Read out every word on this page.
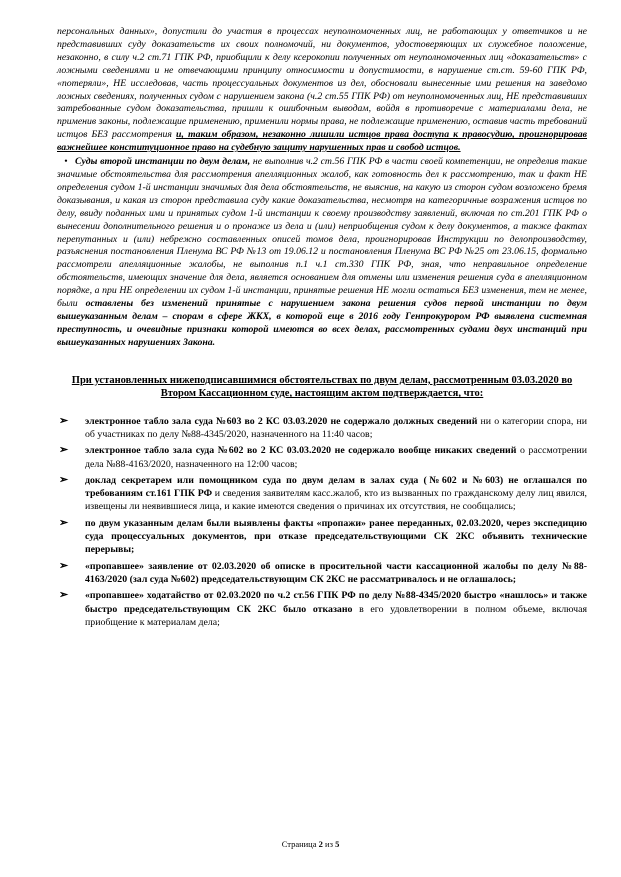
персональных данных», допустили до участия в процессах неуполномоченных лиц, не работающих у ответчиков и не представивших суду доказательств их своих полномочий, ни документов, удостоверяющих их служебное положение, незаконно, в силу ч.2 ст.71 ГПК РФ, приобщили к делу ксерокопии полученных от неуполномоченных лиц «доказательств» с ложными сведениями и не отвечающими принципу относимости и допустимости, в нарушение ст.ст. 59-60 ГПК РФ, «потеряли», НЕ исследовав, часть процессуальных документов из дел, обосновали вынесенные ими решения на заведомо ложных сведениях, полученных судом с нарушением закона (ч.2 ст.55 ГПК РФ) от неуполномоченных лиц, НЕ представивших затребованные судом доказательства, пришли к ошибочным выводам, войдя в противоречие с материалами дела, не применив законы, подлежащие применению, применили нормы права, не подлежащие применению, оставив часть требований истцов БЕЗ рассмотрения и, таким образом, незаконно лишили истцов права доступа к правосудию, проигнорировав важнейшее конституционное право на судебную защиту нарушенных прав и свобод истцов.

• Суды второй инстанции по двум делам, не выполнив ч.2 ст.56 ГПК РФ в части своей компетенции, не определив такие значимые обстоятельства для рассмотрения апелляционных жалоб, как готовность дел к рассмотрению, так и факт НЕ определения судом 1-й инстанции значимых для дела обстоятельств, не выяснив, на какую из сторон судом возложено бремя доказывания, и какая из сторон представила суду какие доказательства, несмотря на категоричные возражения истцов по делу, ввиду поданных ими и принятых судом 1-й инстанции к своему производству заявлений, включая по ст.201 ГПК РФ о вынесении дополнительного решения и о пронаже из дела и (или) неприобщения судом к делу документов, а также фактах перепутанных и (или) небрежно составленных описей томов дела, проигнорировав Инструкции по делопроизводству, разъяснения постановления Пленума ВС РФ №13 от 19.06.12 и постановления Пленума ВС РФ №25 от 23.06.15, формально рассмотрели апелляционные жалобы, не выполнив п.1 ч.1 ст.330 ГПК РФ, зная, что неправильное определение обстоятельств, имеющих значение для дела, является основанием для отмены или изменения решения суда в апелляционном порядке, а при НЕ определении их судом 1-й инстанции, принятые решения НЕ могли остаться БЕЗ изменения, тем не менее, были оставлены без изменений принятые с нарушением закона решения судов первой инстанции по двум вышеуказанным делам – спорам в сфере ЖКХ, в которой еще в 2016 году Генпрокурором РФ выявлена системная преступность, и очевидные признаки которой имеются во всех делах, рассмотренных судами двух инстанций при вышеуказанных нарушениях Закона.

При установленных нижеподписавшимися обстоятельствах по двум делам, рассмотренным 03.03.2020 во Втором Кассационном суде, настоящим актом подтверждается, что:

➢ электронное табло зала суда №603 во 2 КС 03.03.2020 не содержало должных сведений ни о категории спора, ни об участниках по делу №88-4345/2020, назначенного на 11:40 часов;
➢ электронное табло зала суда №602 во 2 КС 03.03.2020 не содержало вообще никаких сведений о рассмотрении дела №88-4163/2020, назначенного на 12:00 часов;
➢ доклад секретарем или помощником суда по двум делам в залах суда (№602 и №603) не оглашался по требованиям ст.161 ГПК РФ и сведения заявителям касс.жалоб, кто из вызванных по гражданскому делу лиц явился, извещены ли неявившиеся лица, и какие имеются сведения о причинах их отсутствия, не сообщались;
➢ по двум указанным делам были выявлены факты «пропажи» ранее переданных, 02.03.2020, через экспедицию суда процессуальных документов, при отказе председательствующими СК 2КС объявить технические перерывы;
➢ «пропавшее» заявление от 02.03.2020 об описке в просительной части кассационной жалобы по делу №88-4163/2020 (зал суда №602) председательствующим СК 2КС не рассматривалось и не оглашалось;
➢ «пропавшее» ходатайство от 02.03.2020 по ч.2 ст.56 ГПК РФ по делу №88-4345/2020 быстро «нашлось» и также быстро председательствующим СК 2КС было отказано в его удовлетворении в полном объеме, включая приобщение к материалам дела;
Страница 2 из 5
